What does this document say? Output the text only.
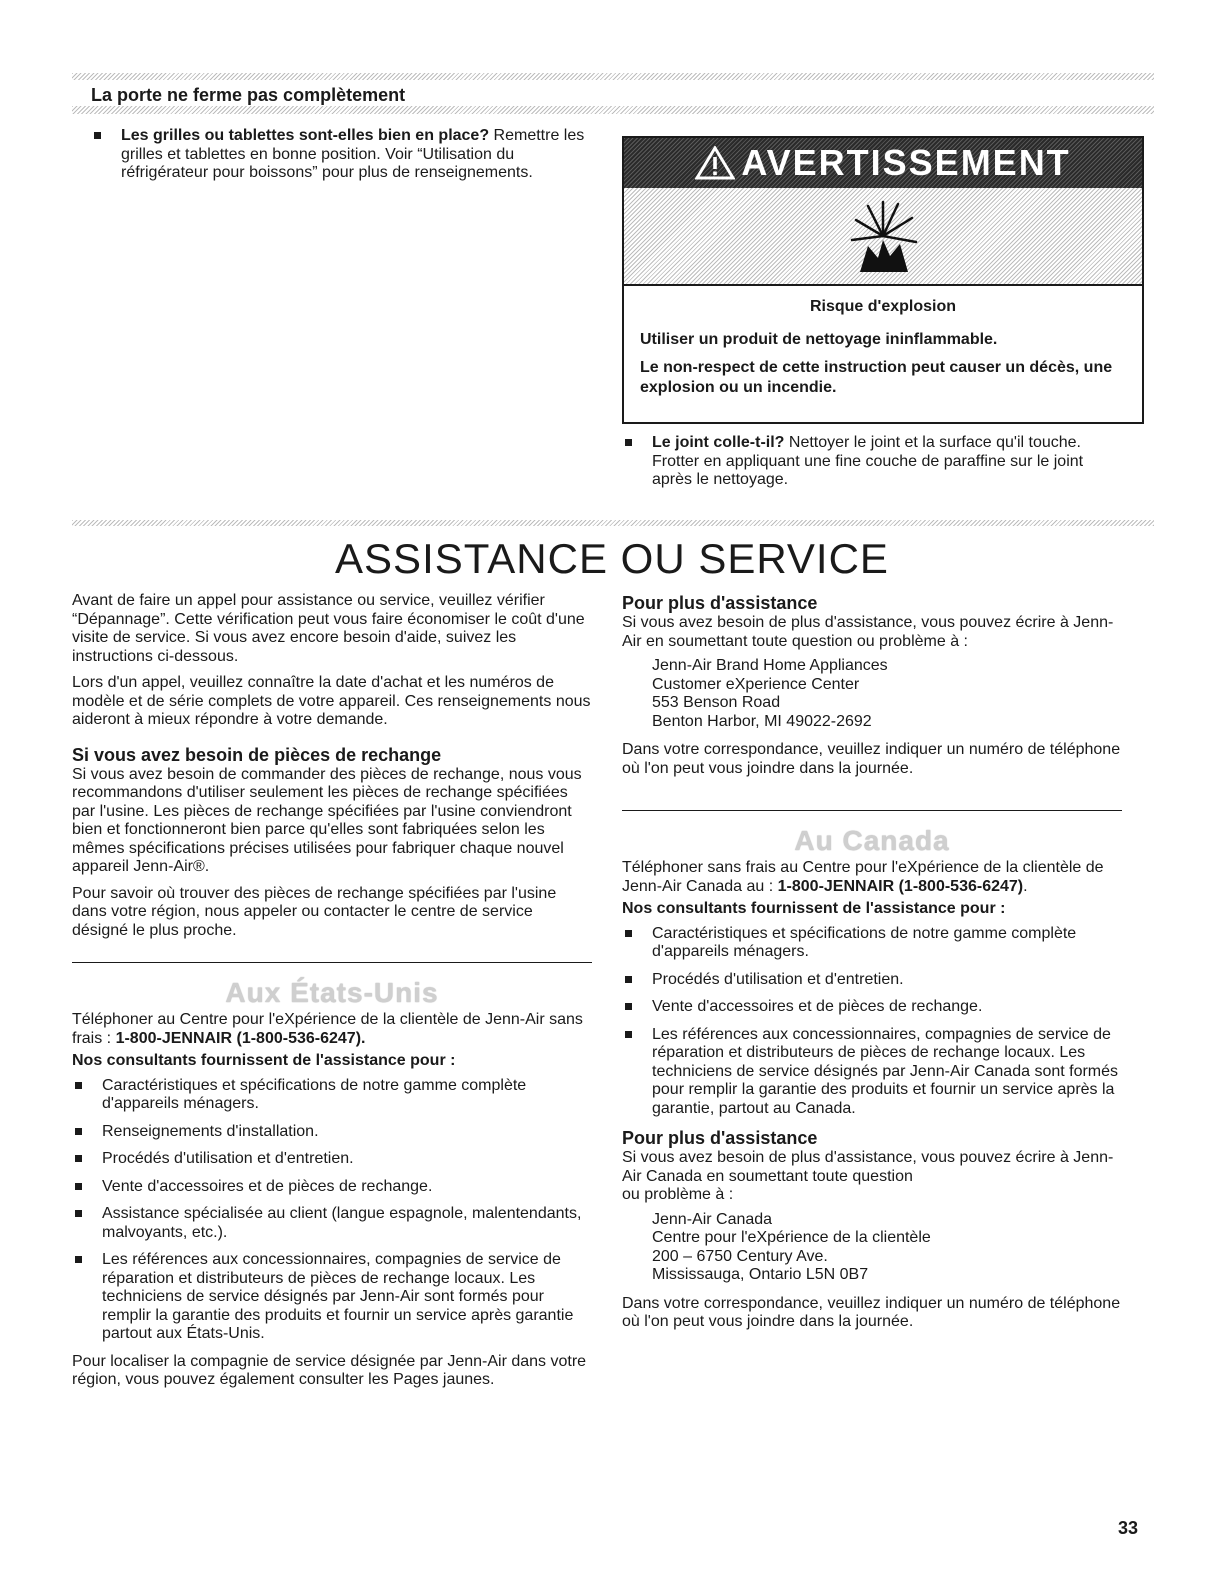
La porte ne ferme pas complètement

Les grilles ou tablettes sont-elles bien en place? Remettre les grilles et tablettes en bonne position. Voir “Utilisation du réfrigérateur pour boissons” pour plus de renseignements.	AVERTISSEMENT
Risque d'explosion

Utiliser un produit de nettoyage ininflammable.

Le non-respect de cette instruction peut causer un décès, une explosion ou un incendie.

Le joint colle-t-il? Nettoyer le joint et la surface qu'il touche. Frotter en appliquant une fine couche de paraffine sur le joint après le nettoyage.

ASSISTANCE OU SERVICE

Avant de faire un appel pour assistance ou service, veuillez vérifier “Dépannage”. Cette vérification peut vous faire économiser le coût d'une visite de service. Si vous avez encore besoin d'aide, suivez les instructions ci-dessous.

Lors d'un appel, veuillez connaître la date d'achat et les numéros de modèle et de série complets de votre appareil. Ces renseignements nous aideront à mieux répondre à votre demande.

Si vous avez besoin de pièces de rechange

Si vous avez besoin de commander des pièces de rechange, nous vous recommandons d'utiliser seulement les pièces de rechange spécifiées par l'usine. Les pièces de rechange spécifiées par l'usine conviendront bien et fonctionneront bien parce qu'elles sont fabriquées selon les mêmes spécifications précises utilisées pour fabriquer chaque nouvel appareil Jenn-Air®.

Pour savoir où trouver des pièces de rechange spécifiées par l'usine dans votre région, nous appeler ou contacter le centre de service désigné le plus proche.

Aux États-Unis

Téléphoner au Centre pour l'eXpérience de la clientèle de Jenn-Air sans frais : 1-800-JENNAIR (1-800-536-6247).

Nos consultants fournissent de l'assistance pour :

Caractéristiques et spécifications de notre gamme complète d'appareils ménagers.
Renseignements d'installation.
Procédés d'utilisation et d'entretien.
Vente d'accessoires et de pièces de rechange.
Assistance spécialisée au client (langue espagnole, malentendants, malvoyants, etc.).
Les références aux concessionnaires, compagnies de service de réparation et distributeurs de pièces de rechange locaux. Les techniciens de service désignés par Jenn-Air sont formés pour remplir la garantie des produits et fournir un service après garantie partout aux États-Unis.

Pour localiser la compagnie de service désignée par Jenn-Air dans votre région, vous pouvez également consulter les Pages jaunes.

Pour plus d'assistance

Si vous avez besoin de plus d'assistance, vous pouvez écrire à Jenn-Air en soumettant toute question ou problème à :

Jenn-Air Brand Home Appliances

Customer eXperience Center

553 Benson Road

Benton Harbor, MI 49022-2692

Dans votre correspondance, veuillez indiquer un numéro de téléphone où l'on peut vous joindre dans la journée.

Au Canada

Téléphoner sans frais au Centre pour l'eXpérience de la clientèle de Jenn-Air Canada au : 1-800-JENNAIR (1-800-536-6247).

Nos consultants fournissent de l'assistance pour :

Caractéristiques et spécifications de notre gamme complète d'appareils ménagers.
Procédés d'utilisation et d'entretien.
Vente d'accessoires et de pièces de rechange.
Les références aux concessionnaires, compagnies de service de réparation et distributeurs de pièces de rechange locaux. Les techniciens de service désignés par Jenn-Air Canada sont formés pour remplir la garantie des produits et fournir un service après la garantie, partout au Canada.
Pour plus d'assistance

Si vous avez besoin de plus d'assistance, vous pouvez écrire à Jenn-Air Canada en soumettant toute question

ou problème à :

Jenn-Air Canada

Centre pour l'eXpérience de la clientèle

200 – 6750 Century Ave.

Mississauga, Ontario L5N 0B7

Dans votre correspondance, veuillez indiquer un numéro de téléphone où l'on peut vous joindre dans la journée.

33
